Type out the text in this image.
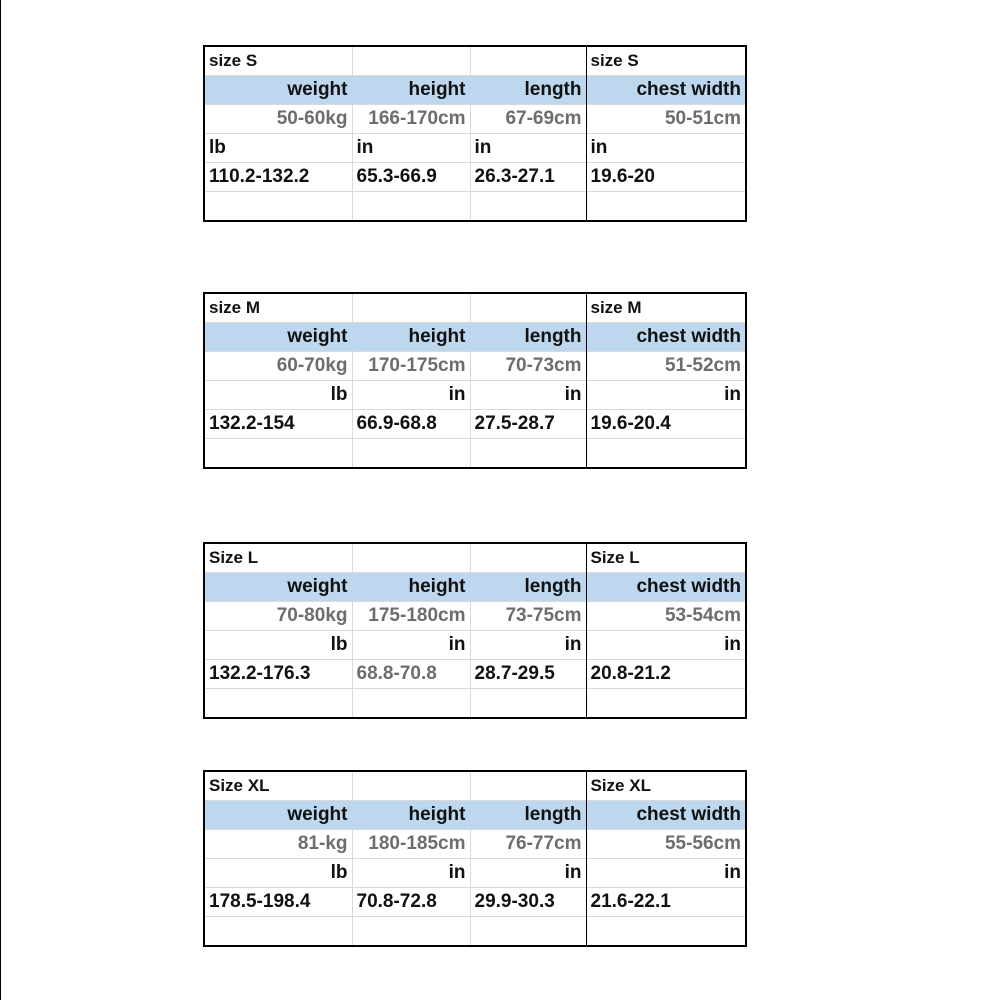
size S			size S
weight	height	length	chest width
50-60kg	166-170cm	67-69cm	50-51cm
lb	in	in	in
110.2-132.2	65.3-66.9	26.3-27.1	19.6-20

size M			size M
weight	height	length	chest width
60-70kg	170-175cm	70-73cm	51-52cm
lb	in	in	in
132.2-154	66.9-68.8	27.5-28.7	19.6-20.4

Size L			Size L
weight	height	length	chest width
70-80kg	175-180cm	73-75cm	53-54cm
lb	in	in	in
132.2-176.3	68.8-70.8	28.7-29.5	20.8-21.2

Size XL			Size XL
weight	height	length	chest width
81-kg	180-185cm	76-77cm	55-56cm
lb	in	in	in
178.5-198.4	70.8-72.8	29.9-30.3	21.6-22.1
